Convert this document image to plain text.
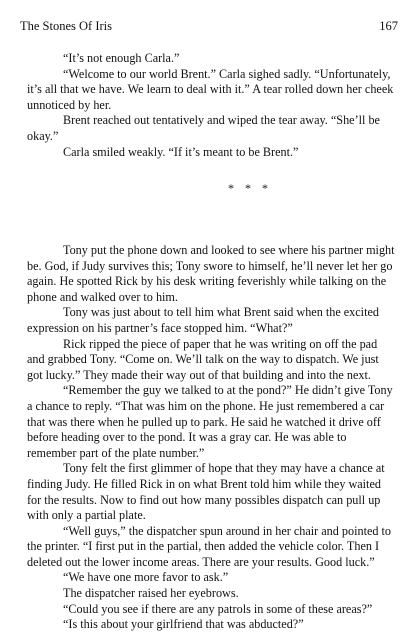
The Stones Of Iris	167

“It’s not enough Carla.”

“Welcome to our world Brent.” Carla sighed sadly. “Unfortunately, it’s all that we have. We learn to deal with it.” A tear rolled down her cheek unnoticed by her.

Brent reached out tentatively and wiped the tear away. “She’ll be okay.”

Carla smiled weakly. “If it’s meant to be Brent.”

* * *

Tony put the phone down and looked to see where his partner might be. God, if Judy survives this; Tony swore to himself, he’ll never let her go again. He spotted Rick by his desk writing feverishly while talking on the phone and walked over to him.

Tony was just about to tell him what Brent said when the excited expression on his partner’s face stopped him. “What?”

Rick ripped the piece of paper that he was writing on off the pad and grabbed Tony. “Come on. We’ll talk on the way to dispatch. We just got lucky.” They made their way out of that building and into the next.

“Remember the guy we talked to at the pond?” He didn’t give Tony a chance to reply. “That was him on the phone. He just remembered a car that was there when he pulled up to park. He said he watched it drive off before heading over to the pond. It was a gray car. He was able to remember part of the plate number.”

Tony felt the first glimmer of hope that they may have a chance at finding Judy. He filled Rick in on what Brent told him while they waited for the results. Now to find out how many possibles dispatch can pull up with only a partial plate.

“Well guys,” the dispatcher spun around in her chair and pointed to the printer. “I first put in the partial, then added the vehicle color. Then I deleted out the lower income areas. There are your results. Good luck.”

“We have one more favor to ask.”

The dispatcher raised her eyebrows.

“Could you see if there are any patrols in some of these areas?”

“Is this about your girlfriend that was abducted?”
